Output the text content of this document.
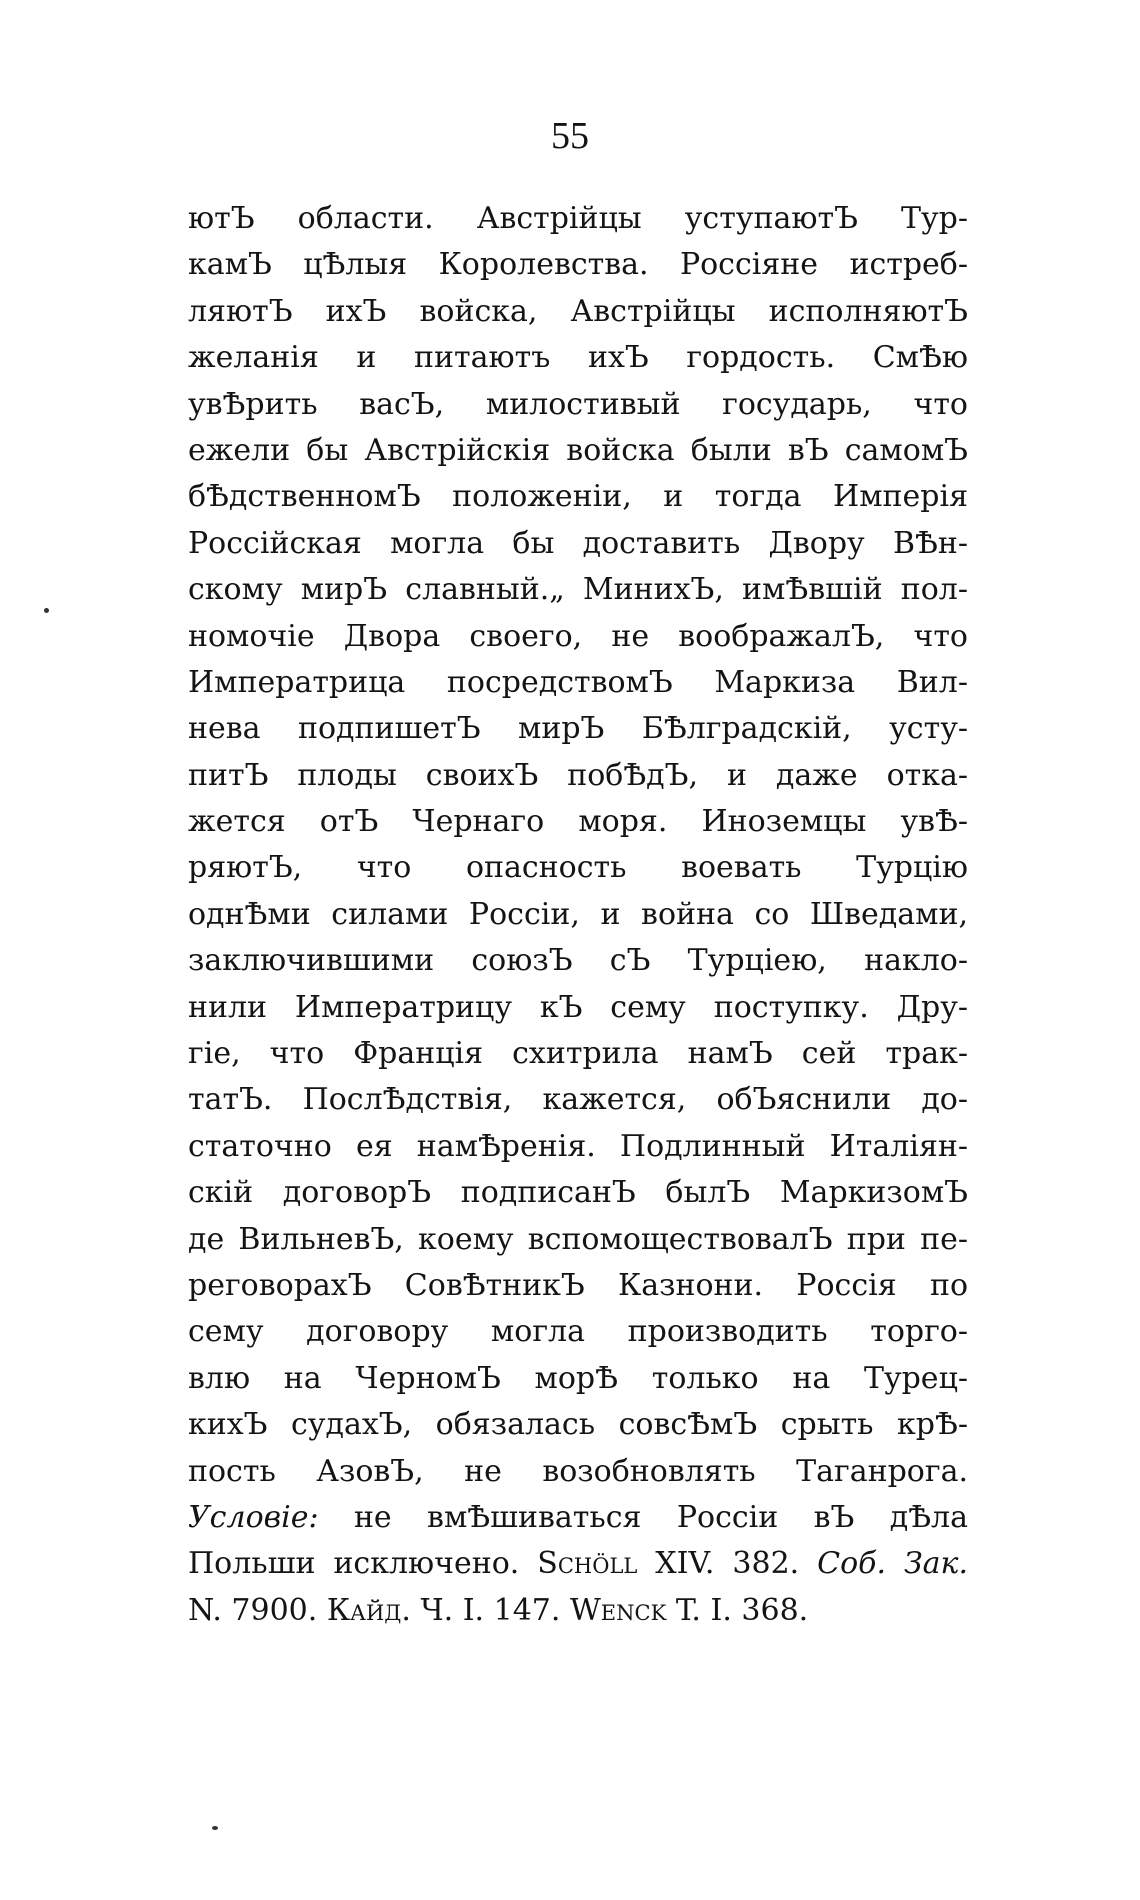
55
ютЪ области. Австрійцы уступаютЪ Тур-
камЪ цѢлыя Королевства. Россіяне истреб-
ляютЪ ихЪ войска, Австрійцы исполняютЪ
желанія и питаютъ ихЪ гордость. СмѢю
увѢрить васЪ, милостивый государь, что
ежели бы Австрійскія войска были вЪ самомЪ
бѢдственномЪ положеніи, и тогда Имперія
Россійская могла бы доставить Двору ВѢн-
скому мирЪ славный.„ МинихЪ, имѢвшій пол-
номочіе Двора своего, не воображалЪ, что
Императрица посредствомЪ Маркиза Вил-
нева подпишетЪ мирЪ БѢлградскій, усту-
питЪ плоды своихЪ побѢдЪ, и даже отка-
жется отЪ Чернаго моря. Иноземцы увѢ-
ряютЪ, что опасность воевать Турцію
однѢми силами Россіи, и война со Шведами,
заключившими союзЪ сЪ Турціею, накло-
нили Императрицу кЪ сему поступку. Дру-
гіе, что Франція схитрила намЪ сей трак-
татЪ. ПослѢдствія, кажется, обЪяснили до-
статочно ея намѢренія. Подлинный Италіян-
скій договорЪ подписанЪ былЪ МаркизомЪ
де ВильневЪ, коему вспомоществовалЪ при пе-
реговорахЪ СовѢтникЪ Казнони. Россія по
сему договору могла производить торго-
влю на ЧерномЪ морѢ только на Турец-
кихЪ судахЪ, обязалась совсѢмЪ срыть крѢ-
пость АзовЪ, не возобновлять Таганрога.
Условіе: не вмѢшиваться Россіи вЪ дѢла
Польши исключено. Schöll XIV. 382. Соб. Зак.
N. 7900. Кайд. Ч. I. 147. Wenck T. I. 368.
